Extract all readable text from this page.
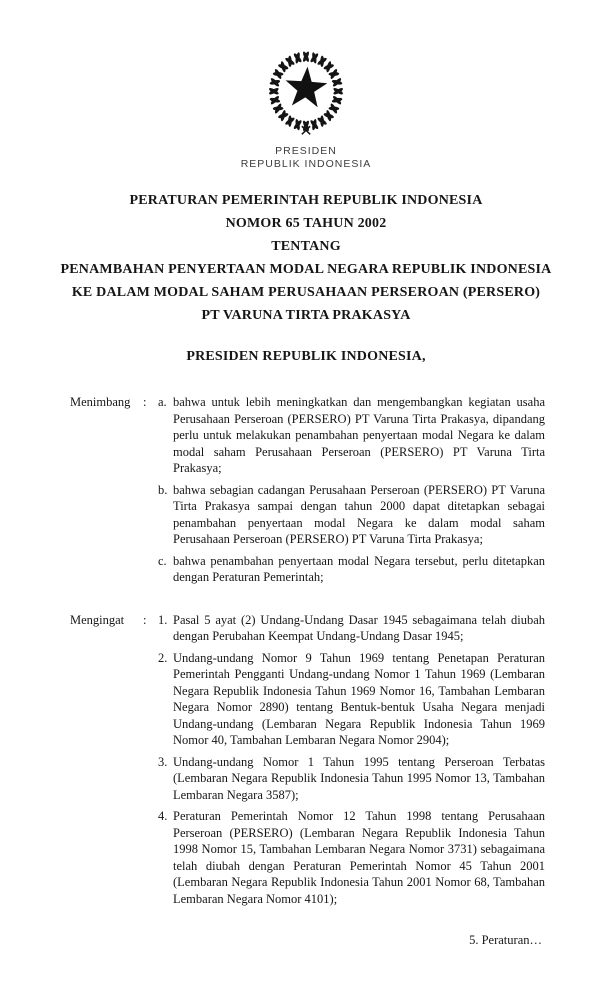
PRESIDEN
REPUBLIK INDONESIA
PERATURAN PEMERINTAH REPUBLIK INDONESIA
NOMOR 65 TAHUN 2002
TENTANG
PENAMBAHAN PENYERTAAN MODAL NEGARA REPUBLIK INDONESIA
KE DALAM MODAL SAHAM PERUSAHAAN PERSEROAN (PERSERO)
PT VARUNA TIRTA PRAKASYA
PRESIDEN REPUBLIK INDONESIA,
Menimbang	: a. bahwa untuk lebih meningkatkan dan mengembangkan kegiatan usaha Perusahaan Perseroan (PERSERO) PT Varuna Tirta Prakasya, dipandang perlu untuk melakukan penambahan penyertaan modal Negara ke dalam modal saham Perusahaan Perseroan (PERSERO) PT Varuna Tirta Prakasya;
b. bahwa sebagian cadangan Perusahaan Perseroan (PERSERO) PT Varuna Tirta Prakasya sampai dengan tahun 2000 dapat ditetapkan sebagai penambahan penyertaan modal Negara ke dalam modal saham Perusahaan Perseroan (PERSERO) PT Varuna Tirta Prakasya;
c. bahwa penambahan penyertaan modal Negara tersebut, perlu ditetapkan dengan Peraturan Pemerintah;
Mengingat	: 1. Pasal 5 ayat (2) Undang-Undang Dasar 1945 sebagaimana telah diubah dengan Perubahan Keempat Undang-Undang Dasar 1945;
2. Undang-undang Nomor 9 Tahun 1969 tentang Penetapan Peraturan Pemerintah Pengganti Undang-undang Nomor 1 Tahun 1969 (Lembaran Negara Republik Indonesia Tahun 1969 Nomor 16, Tambahan Lembaran Negara Nomor 2890) tentang Bentuk-bentuk Usaha Negara menjadi Undang-undang (Lembaran Negara Republik Indonesia Tahun 1969 Nomor 40, Tambahan Lembaran Negara Nomor 2904);
3. Undang-undang Nomor 1 Tahun 1995 tentang Perseroan Terbatas (Lembaran Negara Republik Indonesia Tahun 1995 Nomor 13, Tambahan Lembaran Negara 3587);
4. Peraturan Pemerintah Nomor 12 Tahun 1998 tentang Perusahaan Perseroan (PERSERO) (Lembaran Negara Republik Indonesia Tahun 1998 Nomor 15, Tambahan Lembaran Negara Nomor 3731) sebagaimana telah diubah dengan Peraturan Pemerintah Nomor 45 Tahun 2001 (Lembaran Negara Republik Indonesia Tahun 2001 Nomor 68, Tambahan Lembaran Negara Nomor 4101);
5. Peraturan…
